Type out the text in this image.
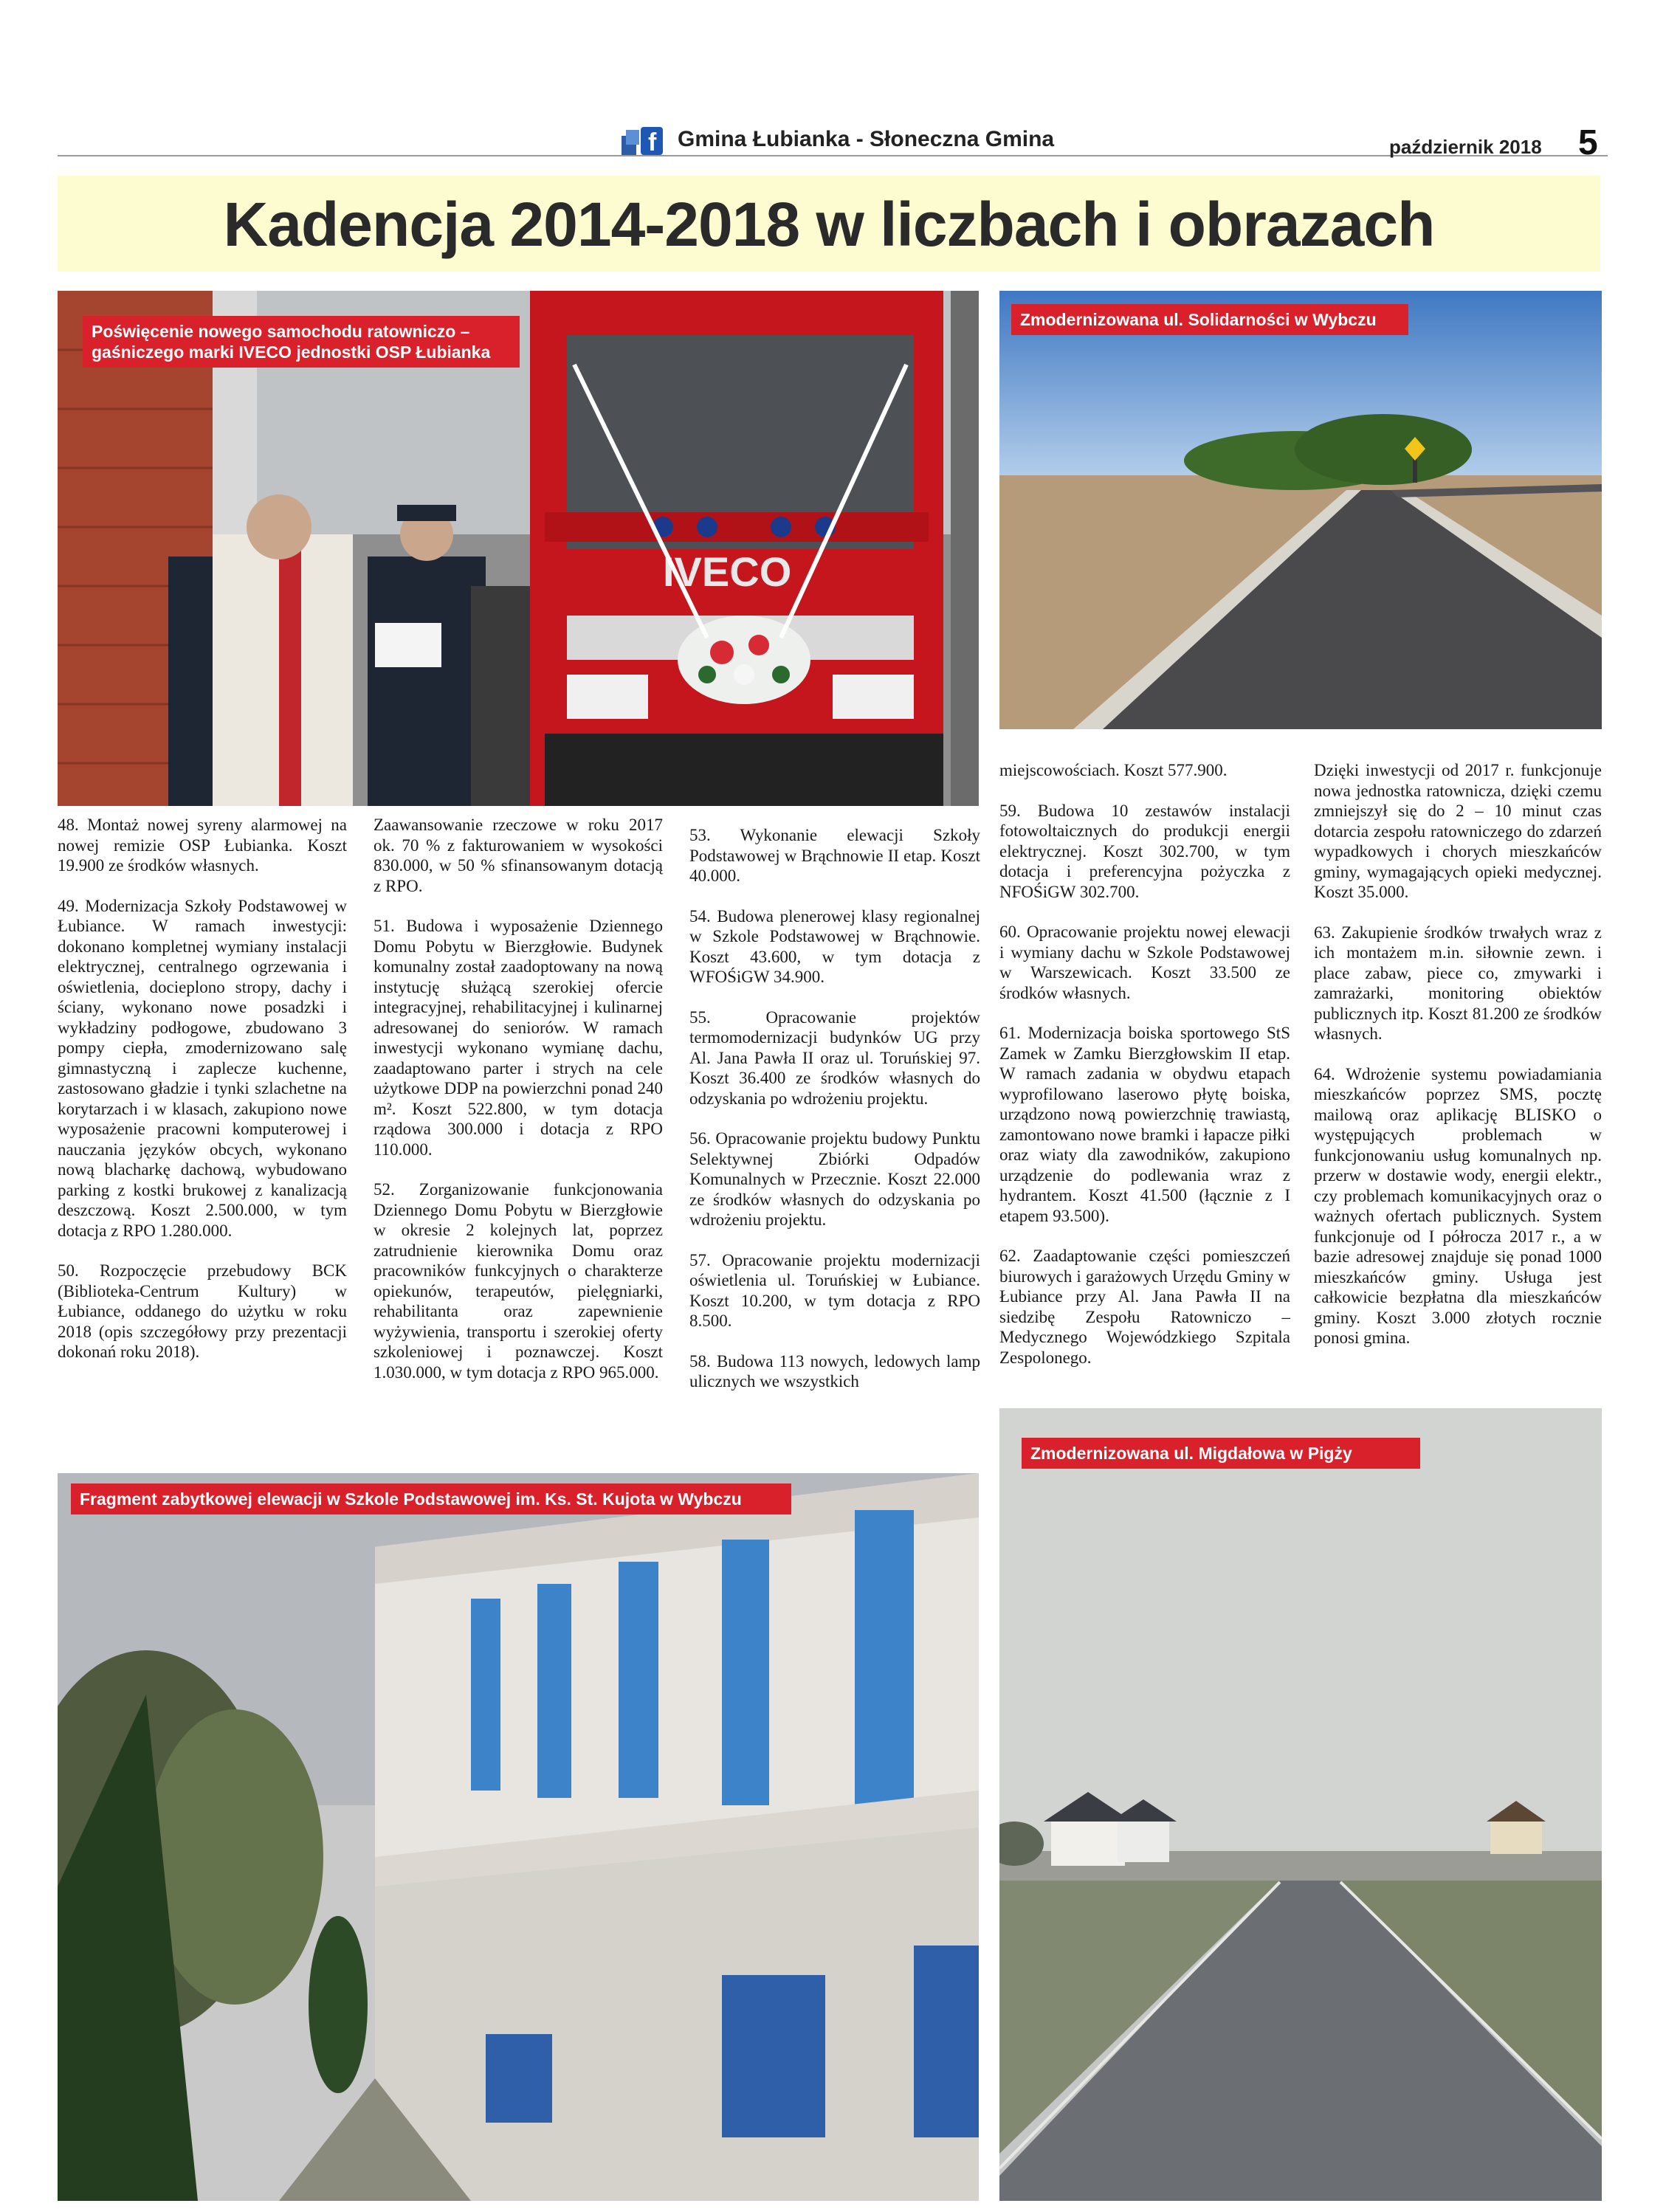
f Gmina Łubianka - Słoneczna Gmina	październik 2018 5
Kadencja 2014-2018 w liczbach i obrazach
IVECO
Poświęcenie nowego samochodu ratowniczo –
gaśniczego marki IVECO jednostki OSP Łubianka
Zmodernizowana ul. Solidarności w Wybczu

48. Montaż nowej syreny alarmowej na nowej remizie OSP Łubianka. Koszt 19.900 ze środków własnych.

49. Modernizacja Szkoły Podstawowej w Łubiance. W ramach inwestycji: dokonano kompletnej wymiany instalacji elektrycznej, centralnego ogrzewania i oświetlenia, docieplono stropy, dachy i ściany, wykonano nowe posadzki i wykładziny podłogowe, zbudowano 3 pompy ciepła, zmodernizowano salę gimnastyczną i zaplecze kuchenne, zastosowano gładzie i tynki szlachetne na korytarzach i w klasach, zakupiono nowe wyposażenie pracowni komputerowej i nauczania języków obcych, wykonano nową blacharkę dachową, wybudowano parking z kostki brukowej z kanalizacją deszczową. Koszt 2.500.000, w tym dotacja z RPO 1.280.000.

50. Rozpoczęcie przebudowy BCK (Biblioteka-Centrum Kultury) w Łubiance, oddanego do użytku w roku 2018 (opis szczegółowy przy prezentacji dokonań roku 2018).

Zaawansowanie rzeczowe w roku 2017 ok. 70 % z fakturowaniem w wysokości 830.000, w 50 % sfinansowanym dotacją z RPO.

51. Budowa i wyposażenie Dziennego Domu Pobytu w Bierzgłowie. Budynek komunalny został zaadoptowany na nową instytucję służącą szerokiej ofercie integracyjnej, rehabilitacyjnej i kulinarnej adresowanej do seniorów. W ramach inwestycji wykonano wymianę dachu, zaadaptowano parter i strych na cele użytkowe DDP na powierzchni ponad 240 m². Koszt 522.800, w tym dotacja rządowa 300.000 i dotacja z RPO 110.000.

52. Zorganizowanie funkcjonowania Dziennego Domu Pobytu w Bierzgłowie w okresie 2 kolejnych lat, poprzez zatrudnienie kierownika Domu oraz pracowników funkcyjnych o charakterze opiekunów, terapeutów, pielęgniarki, rehabilitanta oraz zapewnienie wyżywienia, transportu i szerokiej oferty szkoleniowej i poznawczej. Koszt 1.030.000, w tym dotacja z RPO 965.000.

53. Wykonanie elewacji Szkoły Podstawowej w Brąchnowie II etap. Koszt 40.000.

54. Budowa plenerowej klasy regionalnej w Szkole Podstawowej w Brąchnowie. Koszt 43.600, w tym dotacja z WFOŚiGW 34.900.

55. Opracowanie projektów termomodernizacji budynków UG przy Al. Jana Pawła II oraz ul. Toruńskiej 97. Koszt 36.400 ze środków własnych do odzyskania po wdrożeniu projektu.

56. Opracowanie projektu budowy Punktu Selektywnej Zbiórki Odpadów Komunalnych w Przecznie. Koszt 22.000 ze środków własnych do odzyskania po wdrożeniu projektu.

57. Opracowanie projektu modernizacji oświetlenia ul. Toruńskiej w Łubiance. Koszt 10.200, w tym dotacja z RPO 8.500.

58. Budowa 113 nowych, ledowych lamp ulicznych we wszystkich

miejscowościach. Koszt 577.900.

59. Budowa 10 zestawów instalacji fotowoltaicznych do produkcji energii elektrycznej. Koszt 302.700, w tym dotacja i preferencyjna pożyczka z NFOŚiGW 302.700.

60. Opracowanie projektu nowej elewacji i wymiany dachu w Szkole Podstawowej w Warszewicach. Koszt 33.500 ze środków własnych.

61. Modernizacja boiska sportowego StS Zamek w Zamku Bierzgłowskim II etap. W ramach zadania w obydwu etapach wyprofilowano laserowo płytę boiska, urządzono nową powierzchnię trawiastą, zamontowano nowe bramki i łapacze piłki oraz wiaty dla zawodników, zakupiono urządzenie do podlewania wraz z hydrantem. Koszt 41.500 (łącznie z I etapem 93.500).

62. Zaadaptowanie części pomieszczeń biurowych i garażowych Urzędu Gminy w Łubiance przy Al. Jana Pawła II na siedzibę Zespołu Ratowniczo – Medycznego Wojewódzkiego Szpitala Zespolonego.

Dzięki inwestycji od 2017 r. funkcjonuje nowa jednostka ratownicza, dzięki czemu zmniejszył się do 2 – 10 minut czas dotarcia zespołu ratowniczego do zdarzeń wypadkowych i chorych mieszkańców gminy, wymagających opieki medycznej. Koszt 35.000.

63. Zakupienie środków trwałych wraz z ich montażem m.in. siłownie zewn. i place zabaw, piece co, zmywarki i zamrażarki, monitoring obiektów publicznych itp. Koszt 81.200 ze środków własnych.

64. Wdrożenie systemu powiadamiania mieszkańców poprzez SMS, pocztę mailową oraz aplikację BLISKO o występujących problemach w funkcjonowaniu usług komunalnych np. przerw w dostawie wody, energii elektr., czy problemach komunikacyjnych oraz o ważnych ofertach publicznych. System funkcjonuje od I półrocza 2017 r., a w bazie adresowej znajduje się ponad 1000 mieszkańców gminy. Usługa jest całkowicie bezpłatna dla mieszkańców gminy. Koszt 3.000 złotych rocznie ponosi gmina.

Fragment zabytkowej elewacji w Szkole Podstawowej im. Ks. St. Kujota w Wybczu
Zmodernizowana ul. Migdałowa w Pigży
